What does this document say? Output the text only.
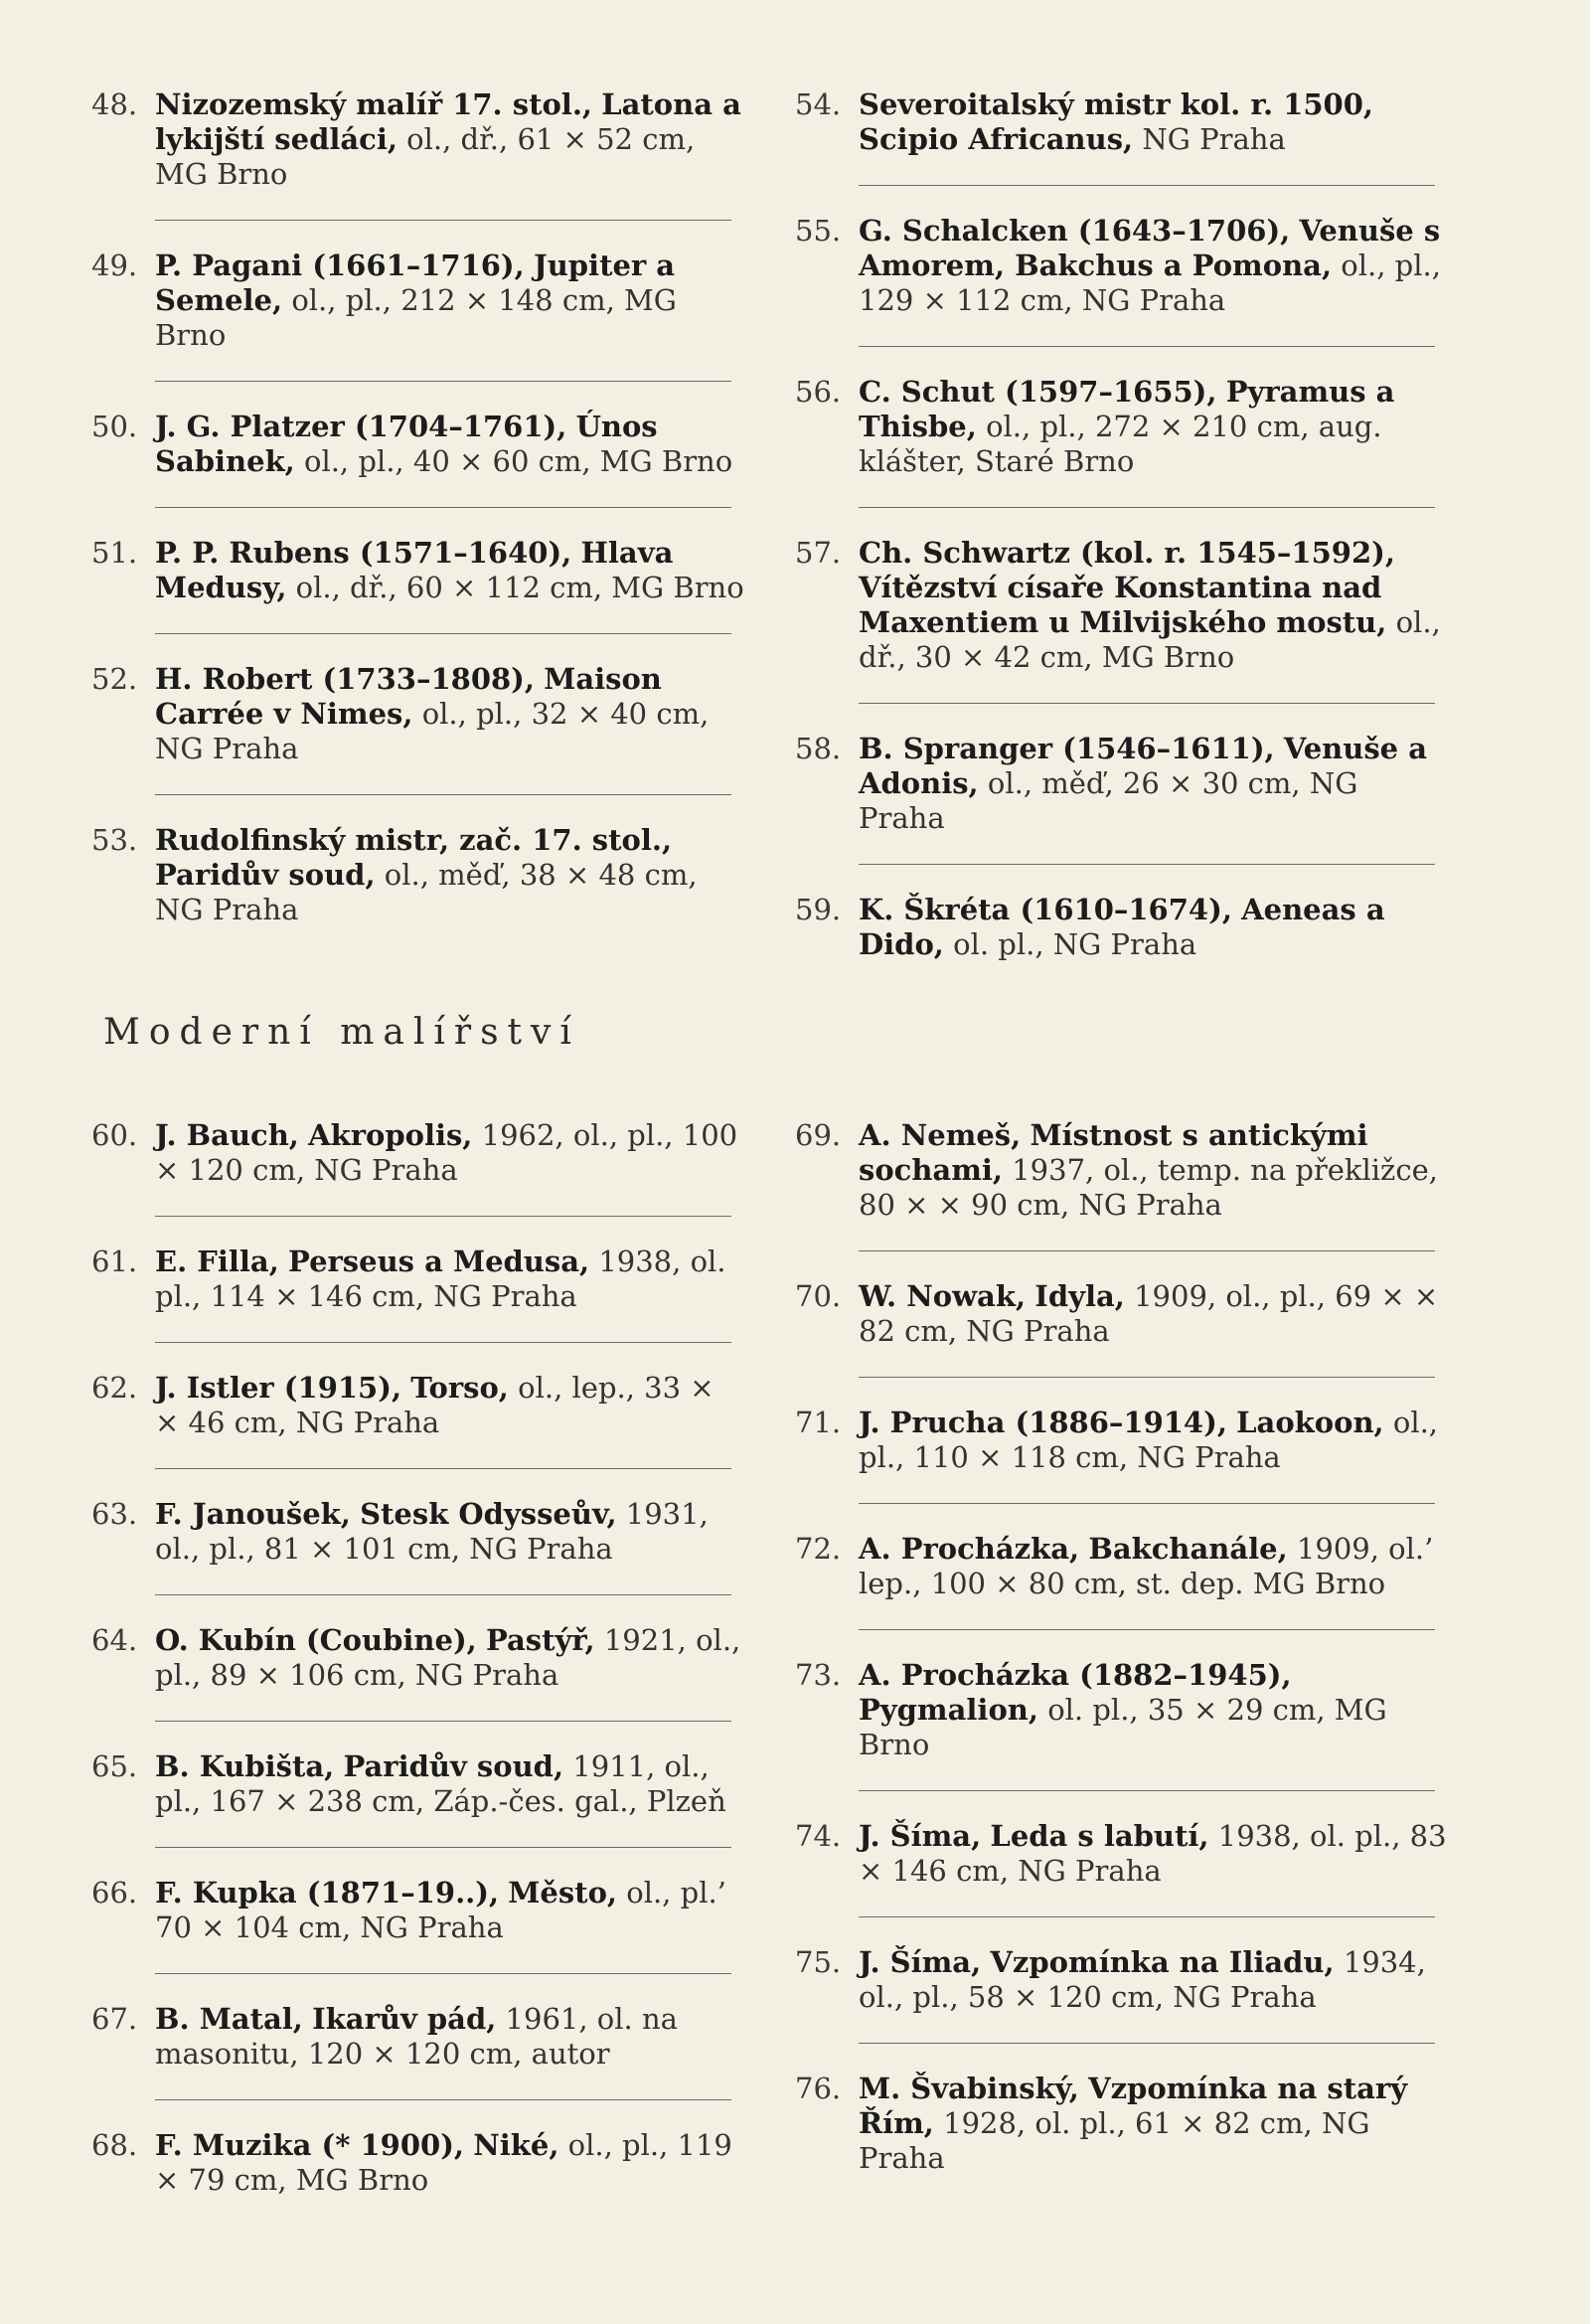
48. Nizozemský malíř 17. stol., Latona a lykijští sedláci, ol., dř., 61 × 52 cm, MG Brno
49. P. Pagani (1661–1716), Jupiter a Semele, ol., pl., 212 × 148 cm, MG Brno
50. J. G. Platzer (1704–1761), Únos Sabinek, ol., pl., 40 × 60 cm, MG Brno
51. P. P. Rubens (1571–1640), Hlava Medusy, ol., dř., 60 × 112 cm, MG Brno
52. H. Robert (1733–1808), Maison Carrée v Nimes, ol., pl., 32 × 40 cm, NG Praha
53. Rudolfinský mistr, zač. 17. stol., Paridův soud, ol., měď, 38 × 48 cm, NG Praha
54. Severoitalský mistr kol. r. 1500, Scipio Africanus, NG Praha
55. G. Schalcken (1643–1706), Venuše s Amorem, Bakchus a Pomona, ol., pl., 129 × 112 cm, NG Praha
56. C. Schut (1597–1655), Pyramus a Thisbe, ol., pl., 272 × 210 cm, aug. klášter, Staré Brno
57. Ch. Schwartz (kol. r. 1545–1592), Vítězství císaře Konstantina nad Maxentiem u Milvijského mostu, ol., dř., 30 × 42 cm, MG Brno
58. B. Spranger (1546–1611), Venuše a Adonis, ol., měď, 26 × 30 cm, NG Praha
59. K. Škréta (1610–1674), Aeneas a Dido, ol. pl., NG Praha
Moderní malířství
60. J. Bauch, Akropolis, 1962, ol., pl., 100 × 120 cm, NG Praha
61. E. Filla, Perseus a Medusa, 1938, ol. pl., 114 × 146 cm, NG Praha
62. J. Istler (1915), Torso, ol., lep., 33 × × 46 cm, NG Praha
63. F. Janoušek, Stesk Odysseův, 1931, ol., pl., 81 × 101 cm, NG Praha
64. O. Kubín (Coubine), Pastýř, 1921, ol., pl., 89 × 106 cm, NG Praha
65. B. Kubišta, Paridův soud, 1911, ol., pl., 167 × 238 cm, Záp.-čes. gal., Plzeň
66. F. Kupka (1871–19..), Město, ol., pl.’ 70 × 104 cm, NG Praha
67. B. Matal, Ikarův pád, 1961, ol. na masonitu, 120 × 120 cm, autor
68. F. Muzika (* 1900), Niké, ol., pl., 119 × 79 cm, MG Brno
69. A. Nemeš, Místnost s antickými sochami, 1937, ol., temp. na překližce, 80 × × 90 cm, NG Praha
70. W. Nowak, Idyla, 1909, ol., pl., 69 × × 82 cm, NG Praha
71. J. Prucha (1886–1914), Laokoon, ol., pl., 110 × 118 cm, NG Praha
72. A. Procházka, Bakchanále, 1909, ol.’ lep., 100 × 80 cm, st. dep. MG Brno
73. A. Procházka (1882–1945), Pygmalion, ol. pl., 35 × 29 cm, MG Brno
74. J. Šíma, Leda s labutí, 1938, ol. pl., 83 × 146 cm, NG Praha
75. J. Šíma, Vzpomínka na Iliadu, 1934, ol., pl., 58 × 120 cm, NG Praha
76. M. Švabinský, Vzpomínka na starý Řím, 1928, ol. pl., 61 × 82 cm, NG Praha
